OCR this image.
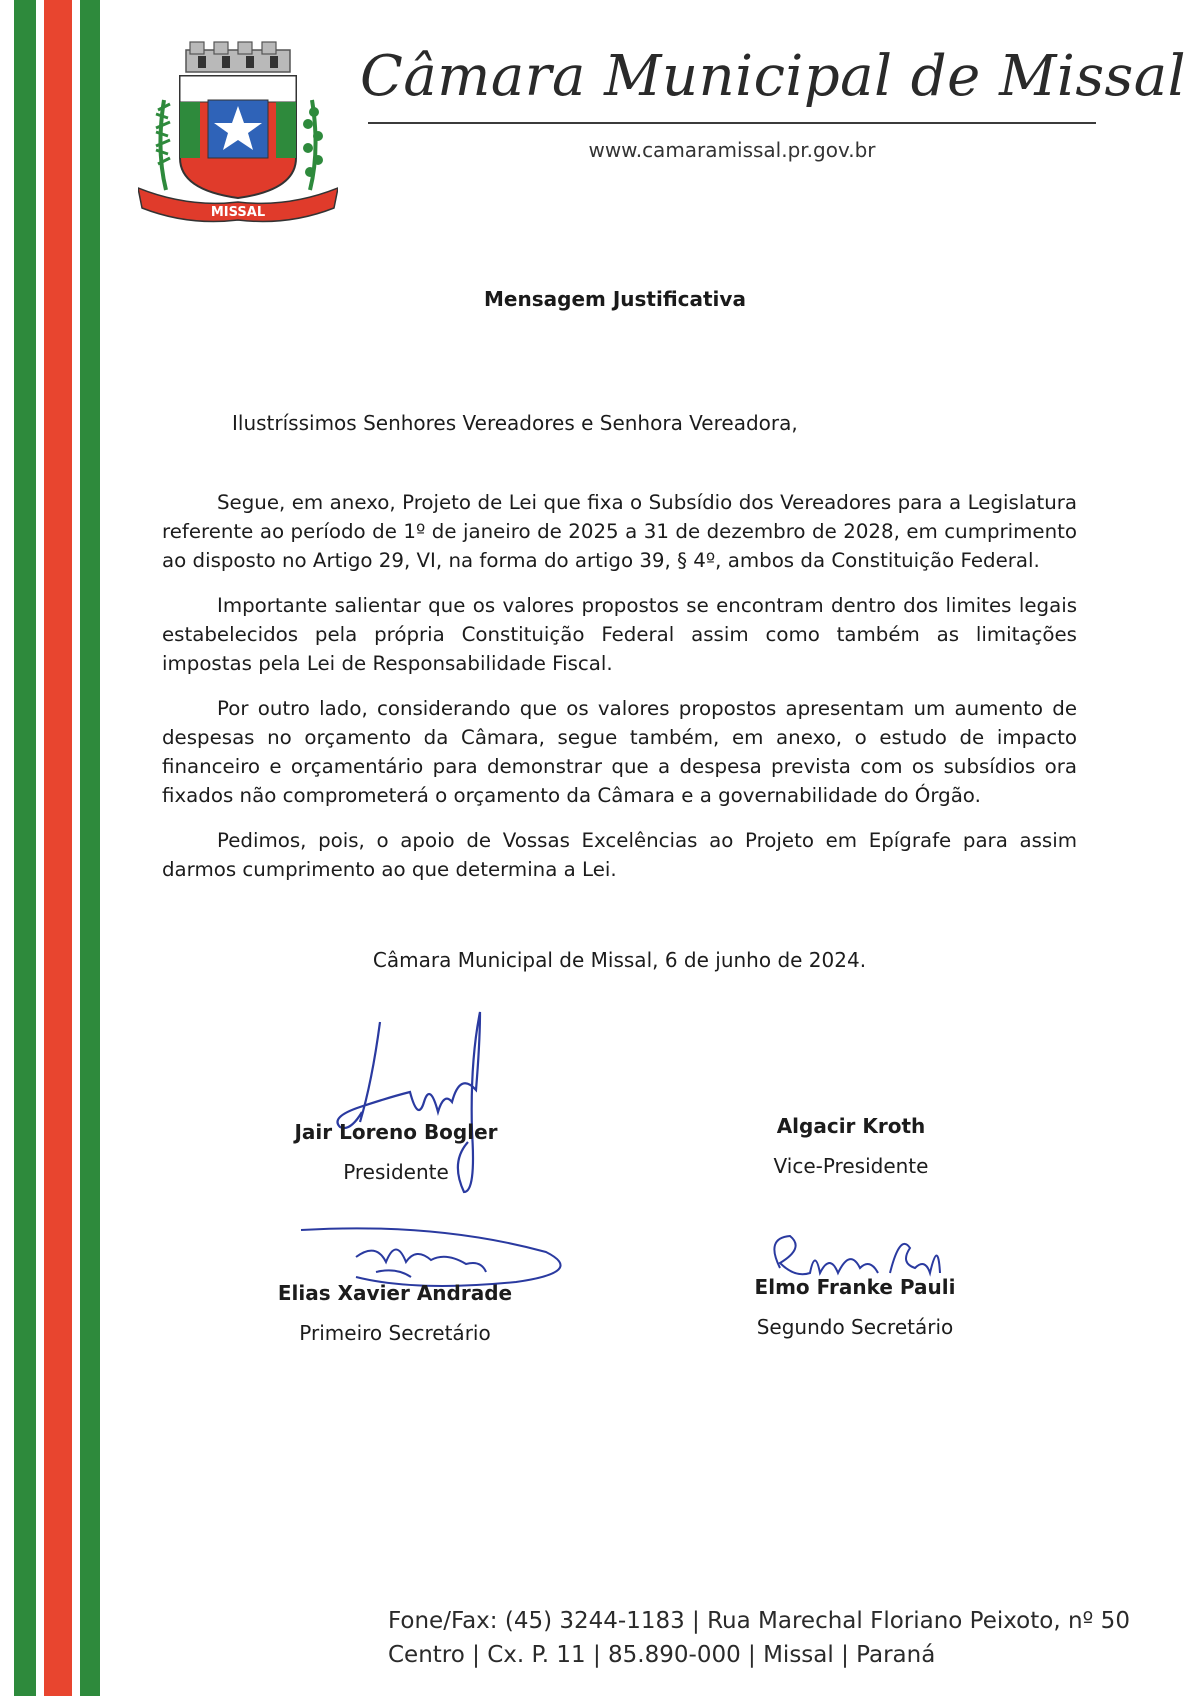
MISSAL
Câmara Municipal de Missal
www.camaramissal.pr.gov.br
Mensagem Justificativa
Ilustríssimos Senhores Vereadores e Senhora Vereadora,

Segue, em anexo, Projeto de Lei que fixa o Subsídio dos Vereadores para a Legislatura referente ao período de 1º de janeiro de 2025 a 31 de dezembro de 2028, em cumprimento ao disposto no Artigo 29, VI, na forma do artigo 39, § 4º, ambos da Constituição Federal.

Importante salientar que os valores propostos se encontram dentro dos limites legais estabelecidos pela própria Constituição Federal assim como também as limitações impostas pela Lei de Responsabilidade Fiscal.

Por outro lado, considerando que os valores propostos apresentam um aumento de despesas no orçamento da Câmara, segue também, em anexo, o estudo de impacto financeiro e orçamentário para demonstrar que a despesa prevista com os subsídios ora fixados não comprometerá o orçamento da Câmara e a governabilidade do Órgão.

Pedimos, pois, o apoio de Vossas Excelências ao Projeto em Epígrafe para assim darmos cumprimento ao que determina a Lei.

Câmara Municipal de Missal, 6 de junho de 2024.
Jair Loreno Bogler
Presidente
Algacir Kroth
Vice-Presidente
Elias Xavier Andrade
Primeiro Secretário
Elmo Franke Pauli
Segundo Secretário
Fone/Fax: (45) 3244-1183 | Rua Marechal Floriano Peixoto, nº 50
Centro | Cx. P. 11 | 85.890-000 | Missal | Paraná
